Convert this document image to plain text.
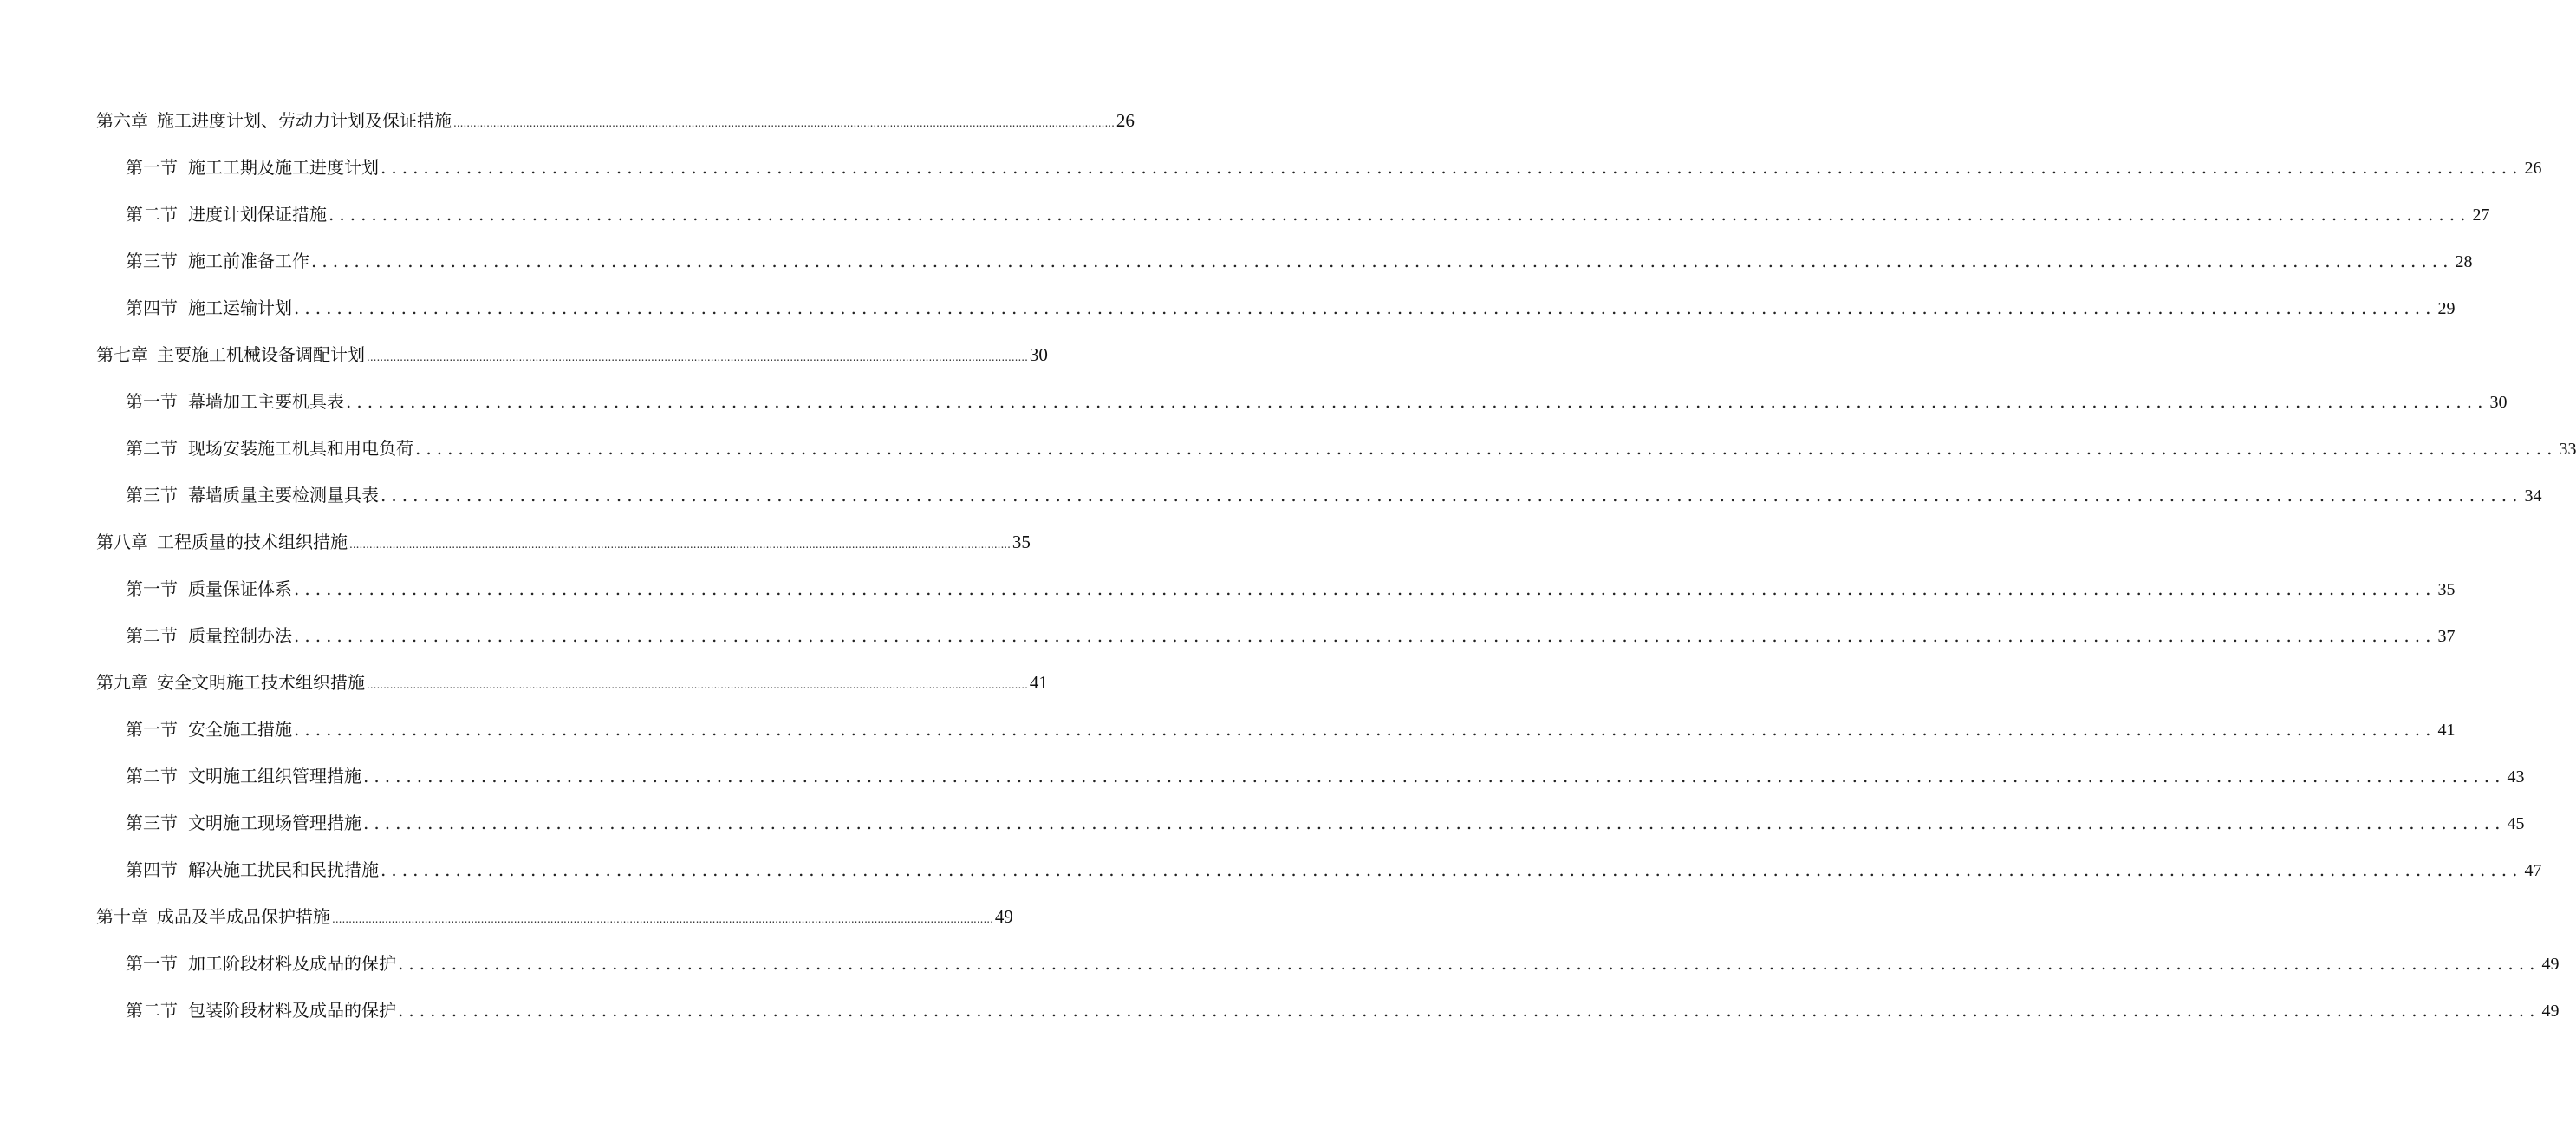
第六章 施工进度计划、劳动力计划及保证措施 ........................................................................................................................................................................................................ 26
第一节 施工工期及施工进度计划 ........................................................................................................................................................................................................ 26
第二节 进度计划保证措施 ........................................................................................................................................................................................................ 27
第三节 施工前准备工作 ........................................................................................................................................................................................................ 28
第四节 施工运输计划 ........................................................................................................................................................................................................ 29
第七章 主要施工机械设备调配计划 ........................................................................................................................................................................................................ 30
第一节 幕墙加工主要机具表 ........................................................................................................................................................................................................ 30
第二节 现场安装施工机具和用电负荷 ........................................................................................................................................................................................................ 33
第三节 幕墙质量主要检测量具表 ........................................................................................................................................................................................................ 34
第八章 工程质量的技术组织措施 ........................................................................................................................................................................................................ 35
第一节 质量保证体系 ........................................................................................................................................................................................................ 35
第二节 质量控制办法 ........................................................................................................................................................................................................ 37
第九章 安全文明施工技术组织措施 ........................................................................................................................................................................................................ 41
第一节 安全施工措施 ........................................................................................................................................................................................................ 41
第二节 文明施工组织管理措施 ........................................................................................................................................................................................................ 43
第三节 文明施工现场管理措施 ........................................................................................................................................................................................................ 45
第四节 解决施工扰民和民扰措施 ........................................................................................................................................................................................................ 47
第十章 成品及半成品保护措施 ........................................................................................................................................................................................................ 49
第一节 加工阶段材料及成品的保护 ........................................................................................................................................................................................................ 49
第二节 包装阶段材料及成品的保护 ........................................................................................................................................................................................................ 49
